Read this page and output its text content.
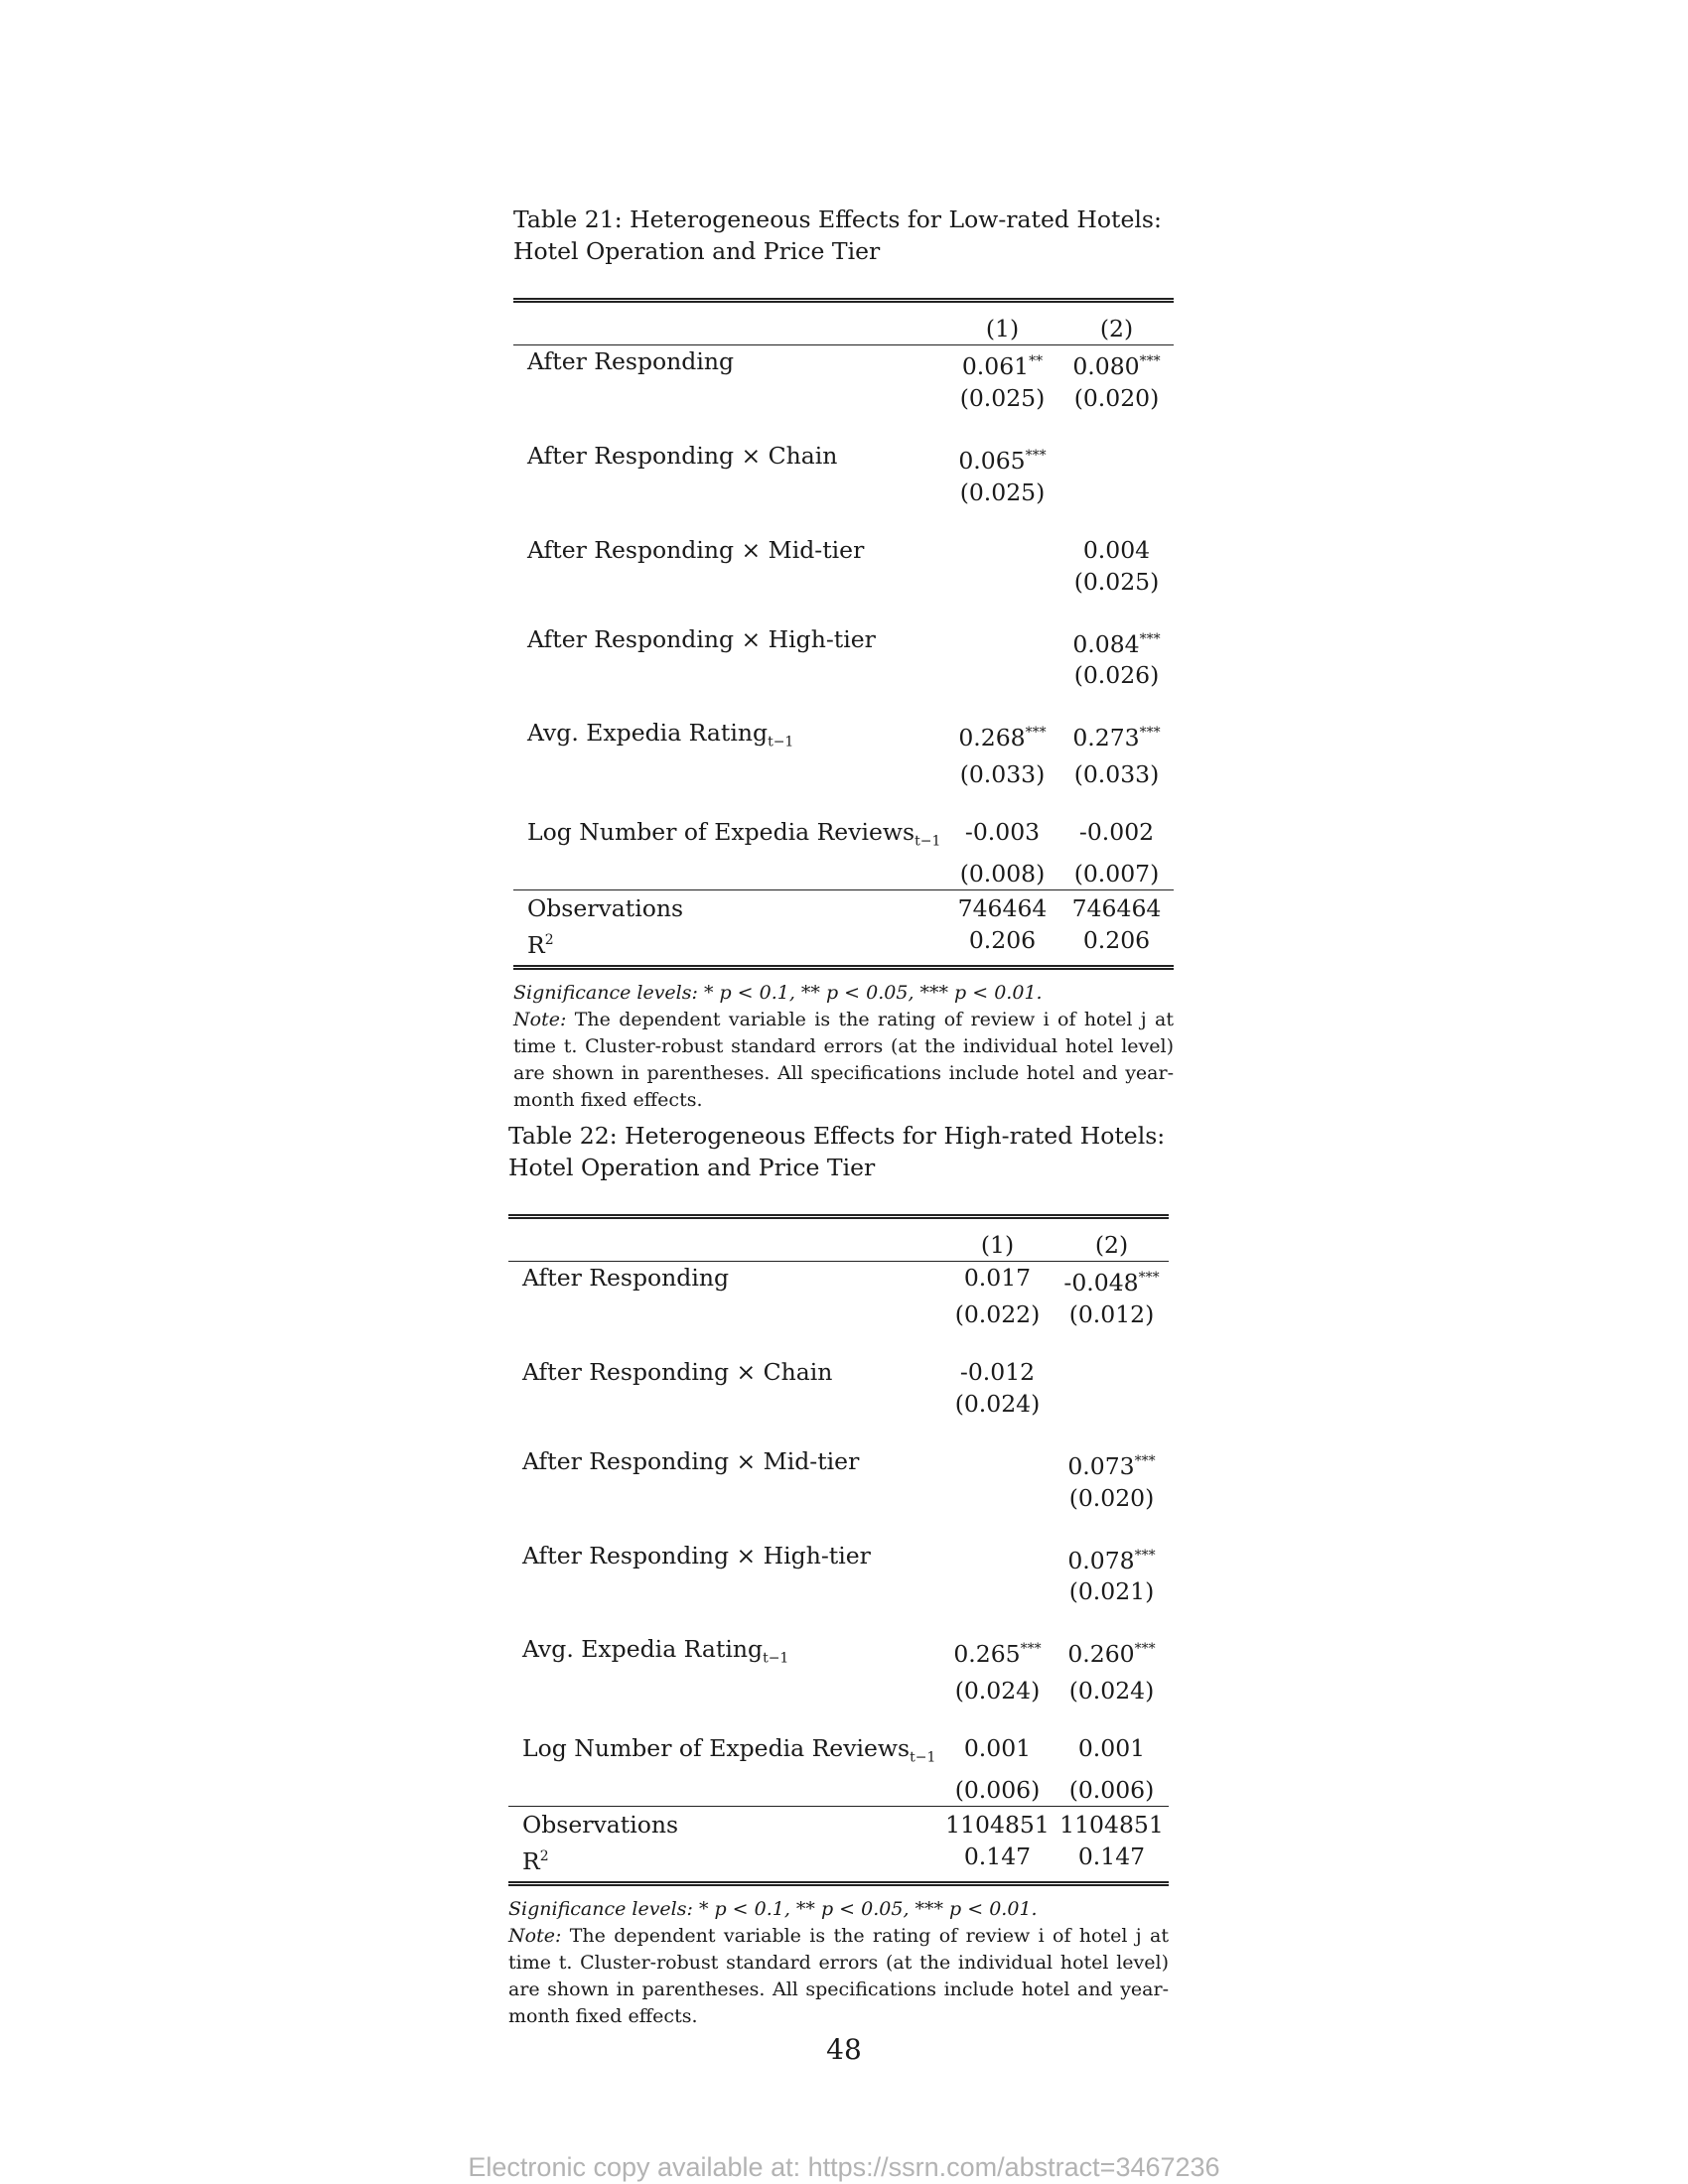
Table 21: Heterogeneous Effects for Low-rated Hotels: Hotel Operation and Price Tier
	(1)	(2)
After Responding	0.061**	0.080***
	(0.025)	(0.020)

After Responding × Chain	0.065***	
	(0.025)	

After Responding × Mid-tier		0.004
		(0.025)

After Responding × High-tier		0.084***
		(0.026)

Avg. Expedia Rating$_{t-1}$	0.268***	0.273***
	(0.033)	(0.033)

Log Number of Expedia Reviews$_{t-1}$	-0.003	-0.002
	(0.008)	(0.007)
Observations	746464	746464
$R^2$	0.206	0.206
Significance levels: * p < 0.1, ** p < 0.05, *** p < 0.01.
Note: The dependent variable is the rating of review i of hotel j at time t. Cluster-robust standard errors (at the individual hotel level) are shown in parentheses. All specifications include hotel and year-month fixed effects.
Table 22: Heterogeneous Effects for High-rated Hotels: Hotel Operation and Price Tier
	(1)	(2)
After Responding	0.017	-0.048***
	(0.022)	(0.012)

After Responding × Chain	-0.012	
	(0.024)	

After Responding × Mid-tier		0.073***
		(0.020)

After Responding × High-tier		0.078***
		(0.021)

Avg. Expedia Rating$_{t-1}$	0.265***	0.260***
	(0.024)	(0.024)

Log Number of Expedia Reviews$_{t-1}$	0.001	0.001
	(0.006)	(0.006)
Observations	1104851	1104851
$R^2$	0.147	0.147
Significance levels: * p < 0.1, ** p < 0.05, *** p < 0.01.
Note: The dependent variable is the rating of review i of hotel j at time t. Cluster-robust standard errors (at the individual hotel level) are shown in parentheses. All specifications include hotel and year-month fixed effects.
48
Electronic copy available at: https://ssrn.com/abstract=3467236
